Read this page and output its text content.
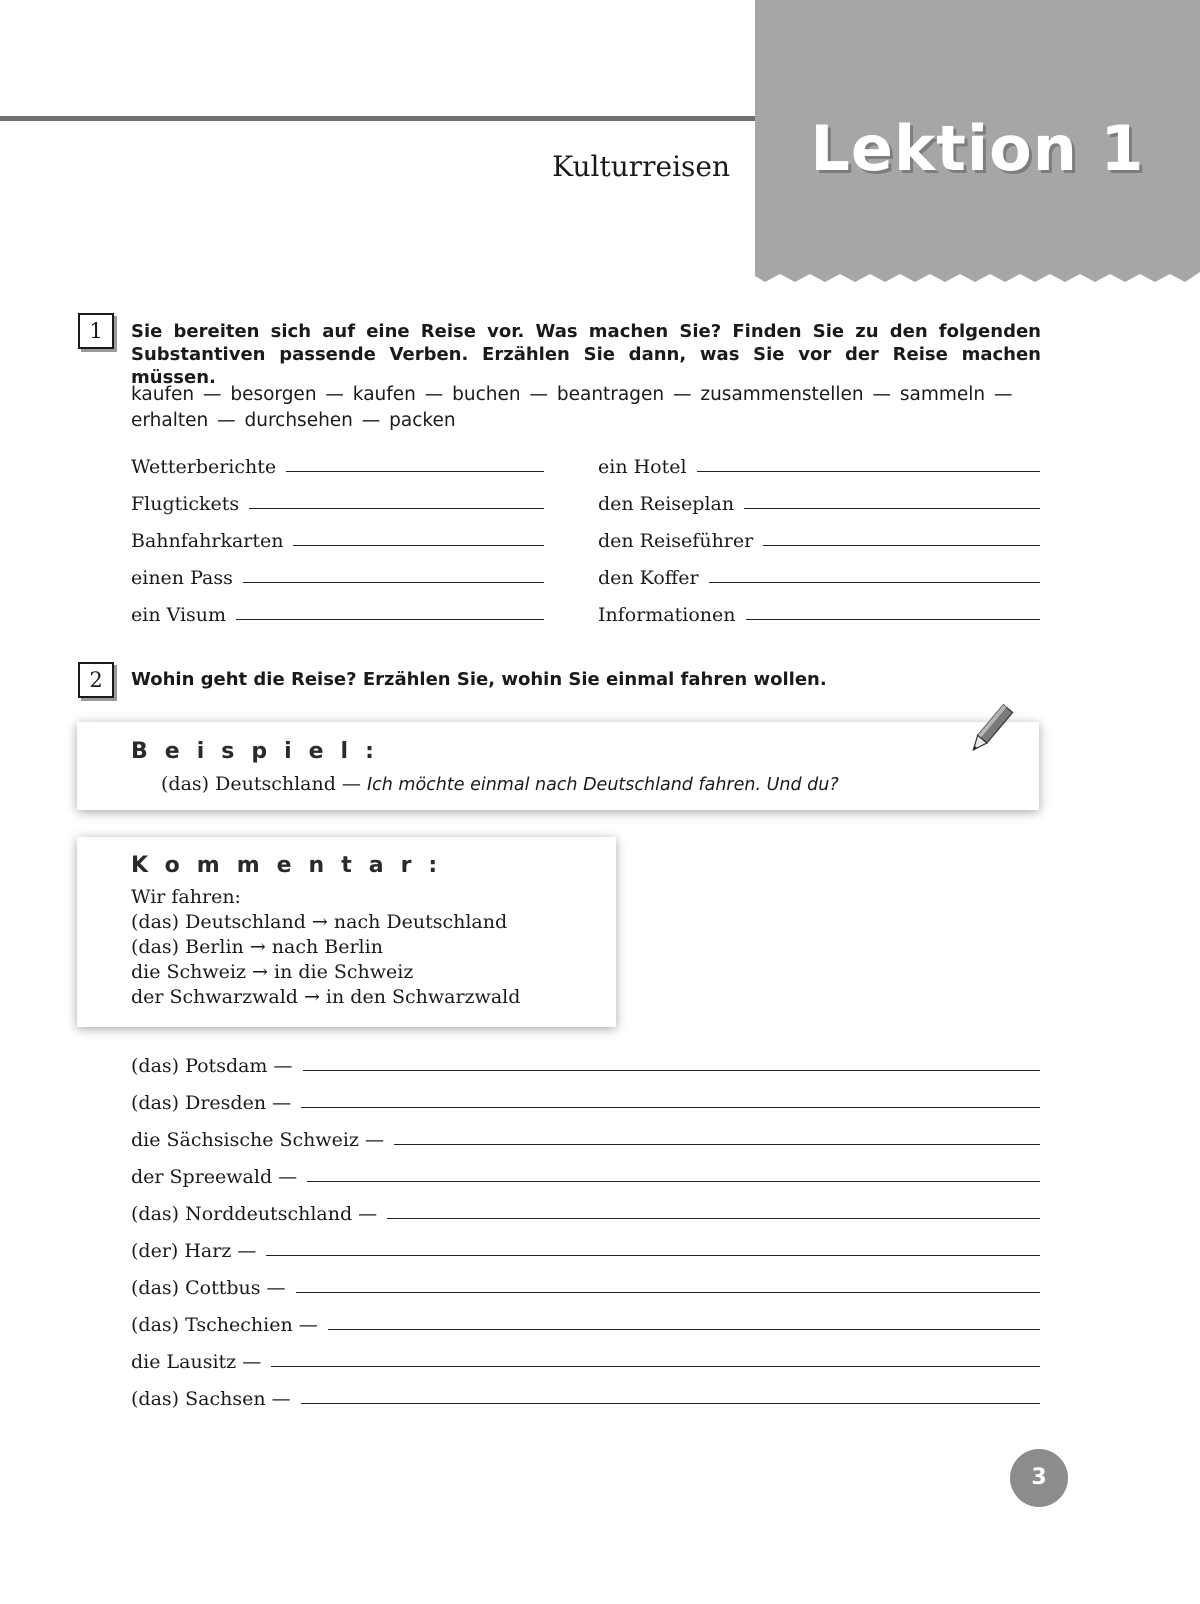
Lektion 1
Kulturreisen
1	Sie bereiten sich auf eine Reise vor. Was machen Sie? Finden Sie zu den folgenden Substantiven passende Verben. Erzählen Sie dann, was Sie vor der Reise machen müssen.
kaufen — besorgen — kaufen — buchen — beantragen — zusammenstellen — sammeln — erhalten — durchsehen — packen
Wetterberichte
Flugtickets
Bahnfahrkarten
einen Pass
ein Visum
ein Hotel
den Reiseplan
den Reiseführer
den Koffer
Informationen
2	Wohin geht die Reise? Erzählen Sie, wohin Sie einmal fahren wollen.
Beispiel:
(das) Deutschland — Ich möchte einmal nach Deutschland fahren. Und du?
Kommentar:
Wir fahren:
(das) Deutschland → nach Deutschland
(das) Berlin → nach Berlin
die Schweiz → in die Schweiz
der Schwarzwald → in den Schwarzwald
(das) Potsdam —
(das) Dresden —
die Sächsische Schweiz —
der Spreewald —
(das) Norddeutschland —
(der) Harz —
(das) Cottbus —
(das) Tschechien —
die Lausitz —
(das) Sachsen —
3
